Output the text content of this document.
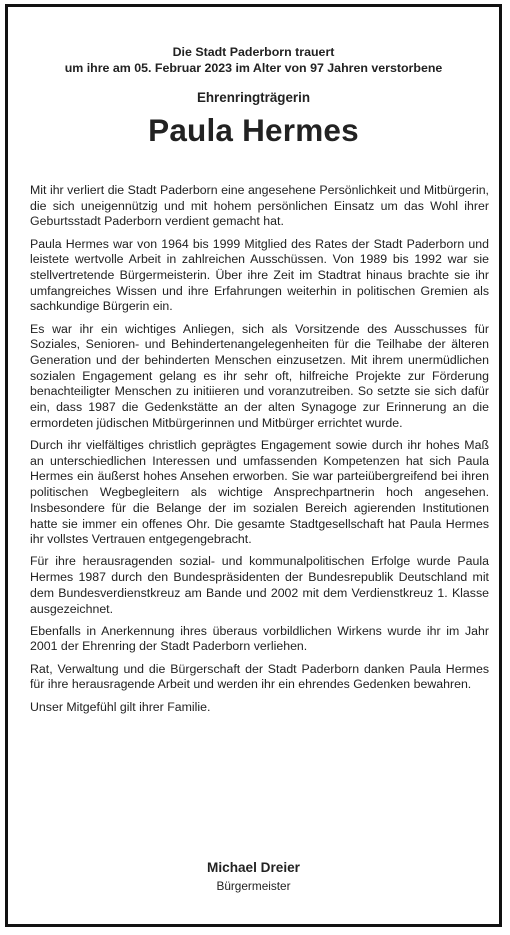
Die Stadt Paderborn trauert
um ihre am 05. Februar 2023 im Alter von 97 Jahren verstorbene
Ehrenringträgerin
Paula Hermes

Mit ihr verliert die Stadt Paderborn eine angesehene Persönlichkeit und Mitbürgerin, die sich uneigennützig und mit hohem persönlichen Einsatz um das Wohl ihrer Geburtsstadt Paderborn verdient gemacht hat.

Paula Hermes war von 1964 bis 1999 Mitglied des Rates der Stadt Paderborn und leistete wertvolle Arbeit in zahlreichen Ausschüssen. Von 1989 bis 1992 war sie stellvertretende Bürgermeisterin. Über ihre Zeit im Stadtrat hinaus brachte sie ihr umfangreiches Wissen und ihre Erfahrungen weiterhin in politischen Gremien als sachkundige Bürgerin ein.

Es war ihr ein wichtiges Anliegen, sich als Vorsitzende des Ausschusses für Soziales, Senioren- und Behindertenangelegenheiten für die Teilhabe der älteren Generation und der behinderten Menschen einzusetzen. Mit ihrem unermüdlichen sozialen Engagement gelang es ihr sehr oft, hilfreiche Projekte zur Förderung benachteiligter Menschen zu initiieren und voranzutreiben. So setzte sie sich dafür ein, dass 1987 die Gedenkstätte an der alten Synagoge zur Erinnerung an die ermordeten jüdischen Mitbürgerinnen und Mitbürger errichtet wurde.

Durch ihr vielfältiges christlich geprägtes Engagement sowie durch ihr hohes Maß an unterschiedlichen Interessen und umfassenden Kompetenzen hat sich Paula Hermes ein äußerst hohes Ansehen erworben. Sie war parteiübergreifend bei ihren politischen Wegbegleitern als wichtige Ansprechpartnerin hoch angesehen. Insbesondere für die Belange der im sozialen Bereich agierenden Institutionen hatte sie immer ein offenes Ohr. Die gesamte Stadtgesellschaft hat Paula Hermes ihr vollstes Vertrauen entgegengebracht.

Für ihre herausragenden sozial- und kommunalpolitischen Erfolge wurde Paula Hermes 1987 durch den Bundespräsidenten der Bundesrepublik Deutschland mit dem Bundesverdienstkreuz am Bande und 2002 mit dem Verdienstkreuz 1. Klasse ausgezeichnet.

Ebenfalls in Anerkennung ihres überaus vorbildlichen Wirkens wurde ihr im Jahr 2001 der Ehrenring der Stadt Paderborn verliehen.

Rat, Verwaltung und die Bürgerschaft der Stadt Paderborn danken Paula Hermes für ihre herausragende Arbeit und werden ihr ein ehrendes Gedenken bewahren.

Unser Mitgefühl gilt ihrer Familie.

Michael Dreier
Bürgermeister
